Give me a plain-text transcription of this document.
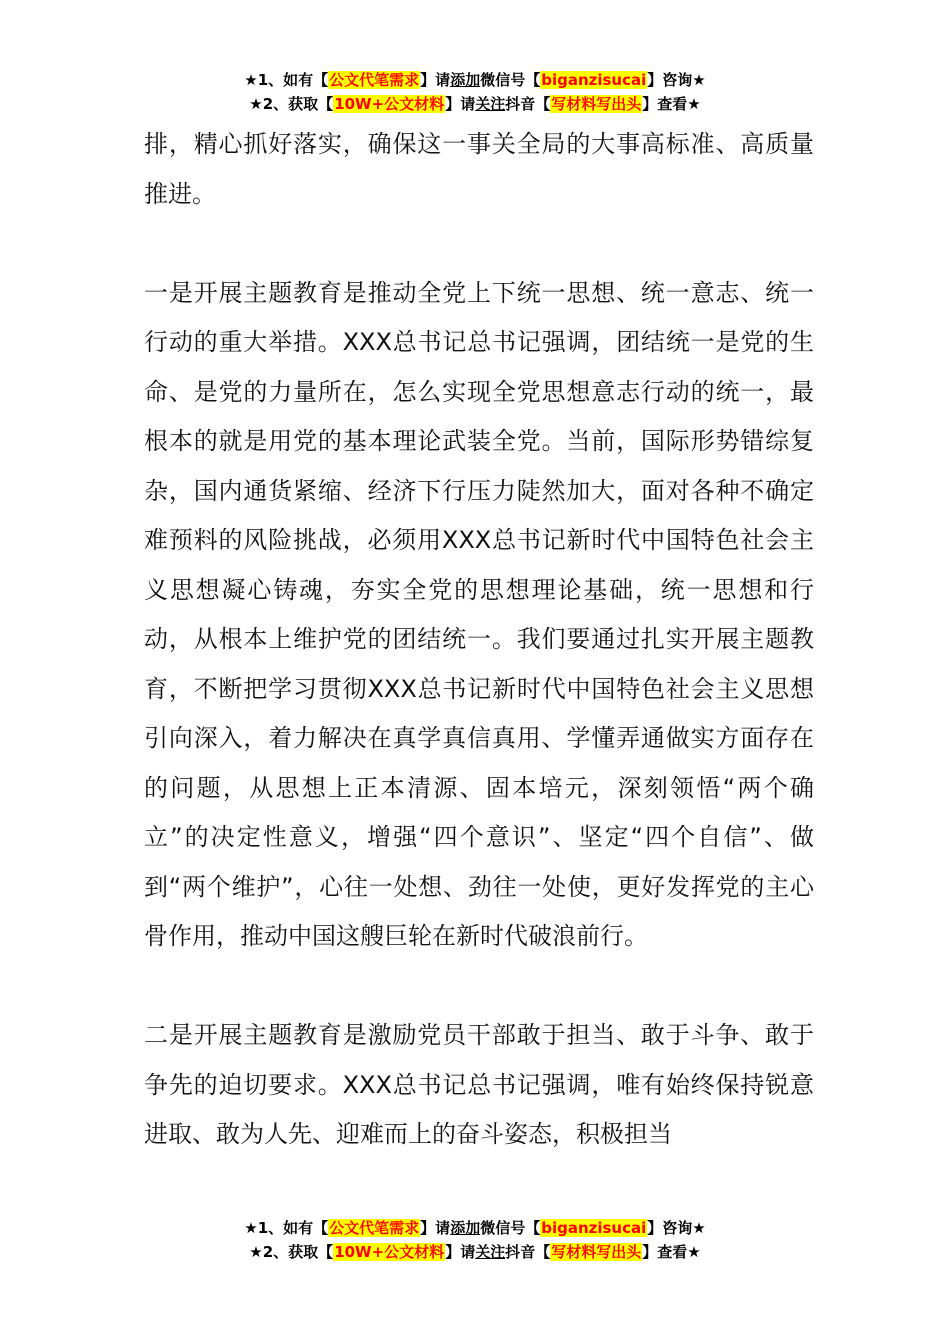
★1、如有【公文代笔需求】请添加微信号【biganzisucai】咨询★
★2、获取【10W+公文材料】请关注抖音【写材料写出头】查看★

排，精心抓好落实，确保这一事关全局的大事高标准、高质量推进。

一是开展主题教育是推动全党上下统一思想、统一意志、统一行动的重大举措。XXX总书记总书记强调，团结统一是党的生命、是党的力量所在，怎么实现全党思想意志行动的统一，最根本的就是用党的基本理论武装全党。当前，国际形势错综复杂，国内通货紧缩、经济下行压力陡然加大，面对各种不确定难预料的风险挑战，必须用XXX总书记新时代中国特色社会主义思想凝心铸魂，夯实全党的思想理论基础，统一思想和行动，从根本上维护党的团结统一。我们要通过扎实开展主题教育，不断把学习贯彻XXX总书记新时代中国特色社会主义思想引向深入，着力解决在真学真信真用、学懂弄通做实方面存在的问题，从思想上正本清源、固本培元，深刻领悟“两个确立”的决定性意义，增强“四个意识”、坚定“四个自信”、做到“两个维护”，心往一处想、劲往一处使，更好发挥党的主心骨作用，推动中国这艘巨轮在新时代破浪前行。

二是开展主题教育是激励党员干部敢于担当、敢于斗争、敢于争先的迫切要求。XXX总书记总书记强调，唯有始终保持锐意进取、敢为人先、迎难而上的奋斗姿态，积极担当

★1、如有【公文代笔需求】请添加微信号【biganzisucai】咨询★
★2、获取【10W+公文材料】请关注抖音【写材料写出头】查看★
